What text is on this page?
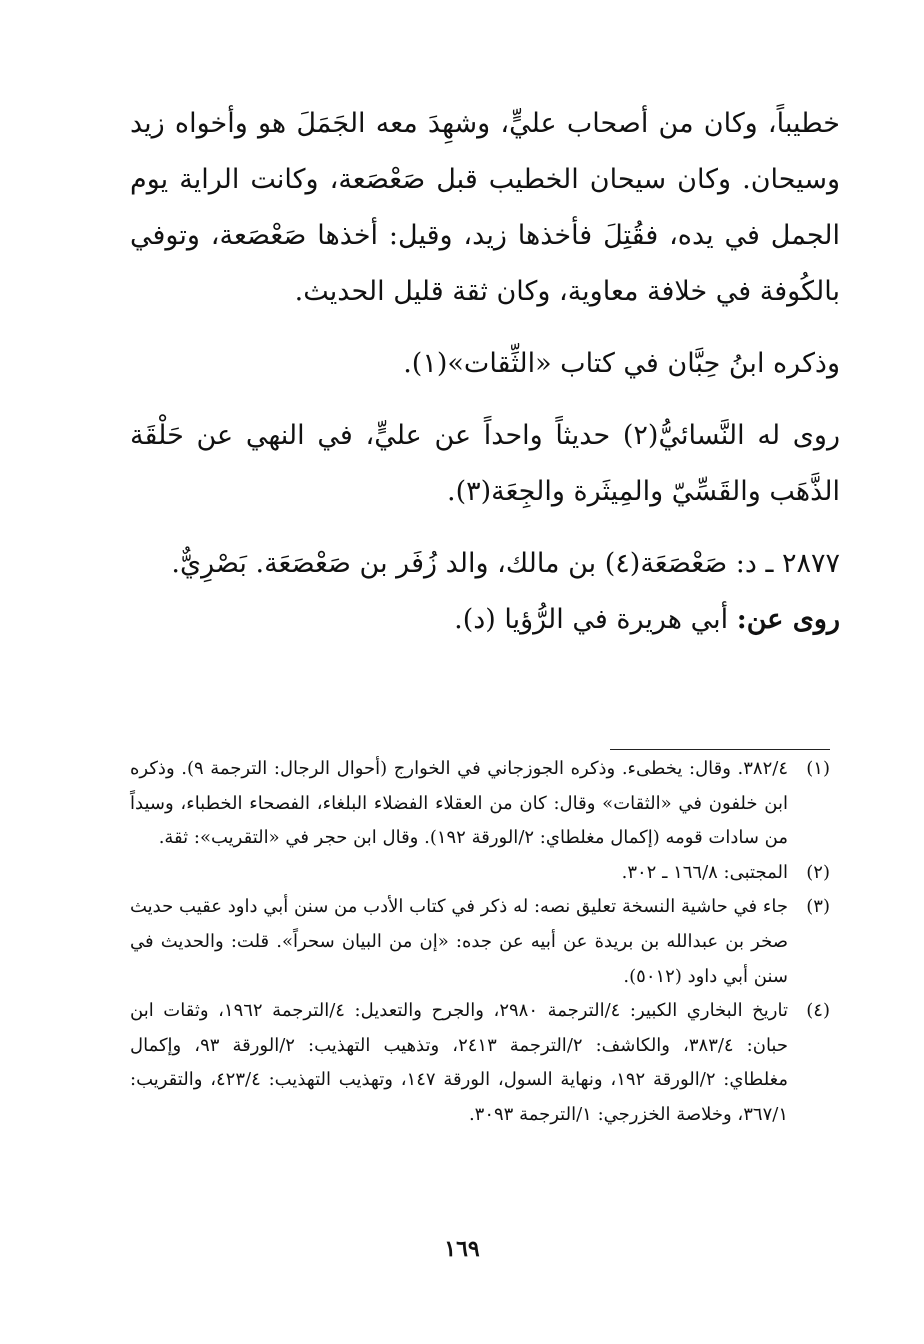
خطيباً، وكان من أصحاب عليٍّ، وشهِدَ معه الجَمَلَ هو وأخواه زيد وسيحان. وكان سيحان الخطيب قبل صَعْصَعة، وكانت الراية يوم الجمل في يده، فقُتِلَ فأخذها زيد، وقيل: أخذها صَعْصَعة، وتوفي بالكُوفة في خلافة معاوية، وكان ثقة قليل الحديث.

وذكره ابنُ حِبَّان في كتاب «الثِّقات»(١).

روى له النَّسائيُّ(٢) حديثاً واحداً عن عليٍّ، في النهي عن حَلْقَة الذَّهَب والقَسِّيّ والمِيثَرة والجِعَة(٣).

٢٨٧٧ ـ د: صَعْصَعَة(٤) بن مالك، والد زُفَر بن صَعْصَعَة. بَصْرِيٌّ.

روى عن: أبي هريرة في الرُّؤيا (د).

(١)
٣٨٢/٤. وقال: يخطىء. وذكره الجوزجاني في الخوارج (أحوال الرجال: الترجمة ٩). وذكره ابن خلفون في «الثقات» وقال: كان من العقلاء الفضلاء البلغاء، الفصحاء الخطباء، وسيداً من سادات قومه (إكمال مغلطاي: ٢/الورقة ١٩٢). وقال ابن حجر في «التقريب»: ثقة.
(٢)
المجتبى: ١٦٦/٨ ـ ٣٠٢.
(٣)
جاء في حاشية النسخة تعليق نصه: له ذكر في كتاب الأدب من سنن أبي داود عقيب حديث صخر بن عبدالله بن بريدة عن أبيه عن جده: «إن من البيان سحراً». قلت: والحديث في سنن أبي داود (٥٠١٢).
(٤)
تاريخ البخاري الكبير: ٤/الترجمة ٢٩٨٠، والجرح والتعديل: ٤/الترجمة ١٩٦٢، وثقات ابن حبان: ٣٨٣/٤، والكاشف: ٢/الترجمة ٢٤١٣، وتذهيب التهذيب: ٢/الورقة ٩٣، وإكمال مغلطاي: ٢/الورقة ١٩٢، ونهاية السول، الورقة ١٤٧، وتهذيب التهذيب: ٤٢٣/٤، والتقريب: ٣٦٧/١، وخلاصة الخزرجي: ١/الترجمة ٣٠٩٣.
١٦٩
